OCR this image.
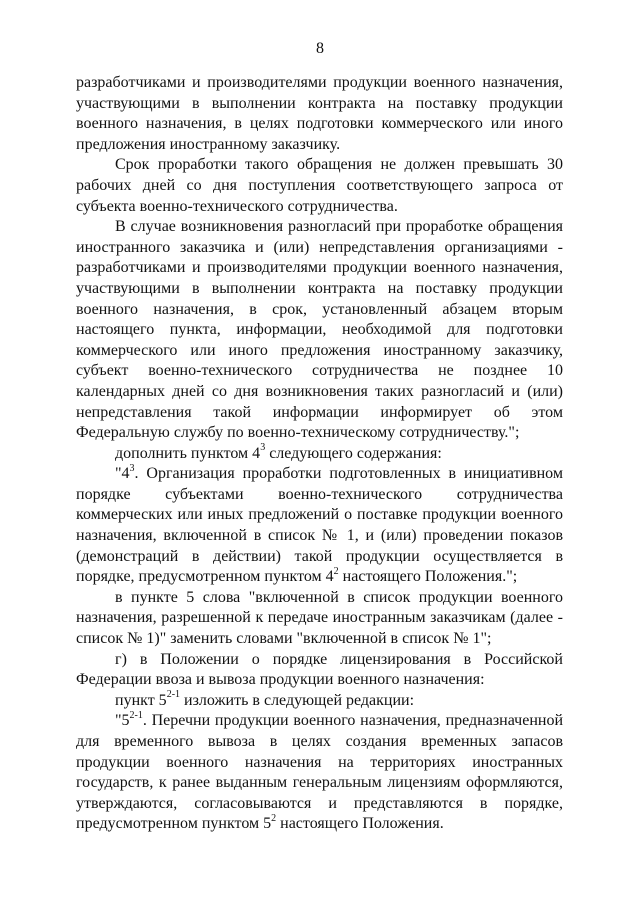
8

разработчиками и производителями продукции военного назначения, участвующими в выполнении контракта на поставку продукции военного назначения, в целях подготовки коммерческого или иного предложения иностранному заказчику.

Срок проработки такого обращения не должен превышать 30 рабочих дней со дня поступления соответствующего запроса от субъекта военно-технического сотрудничества.

В случае возникновения разногласий при проработке обращения иностранного заказчика и (или) непредставления организациями - разработчиками и производителями продукции военного назначения, участвующими в выполнении контракта на поставку продукции военного назначения, в срок, установленный абзацем вторым настоящего пункта, информации, необходимой для подготовки коммерческого или иного предложения иностранному заказчику, субъект военно-технического сотрудничества не позднее 10 календарных дней со дня возникновения таких разногласий и (или) непредставления такой информации информирует об этом Федеральную службу по военно-техническому сотрудничеству.";

дополнить пунктом $4^3$ следующего содержания:

"$4^3$. Организация проработки подготовленных в инициативном порядке субъектами военно-технического сотрудничества коммерческих или иных предложений о поставке продукции военного назначения, включенной в список № 1, и (или) проведении показов (демонстраций в действии) такой продукции осуществляется в порядке, предусмотренном пунктом $4^2$ настоящего Положения.";

в пункте 5 слова "включенной в список продукции военного назначения, разрешенной к передаче иностранным заказчикам (далее - список № 1)" заменить словами "включенной в список № 1";

г) в Положении о порядке лицензирования в Российской Федерации ввоза и вывоза продукции военного назначения:

пункт 5$^{2-1}$ изложить в следующей редакции:

"5$^{2-1}$. Перечни продукции военного назначения, предназначенной для временного вывоза в целях создания временных запасов продукции военного назначения на территориях иностранных государств, к ранее выданным генеральным лицензиям оформляются, утверждаются, согласовываются и представляются в порядке, предусмотренном пунктом $5^2$ настоящего Положения.
